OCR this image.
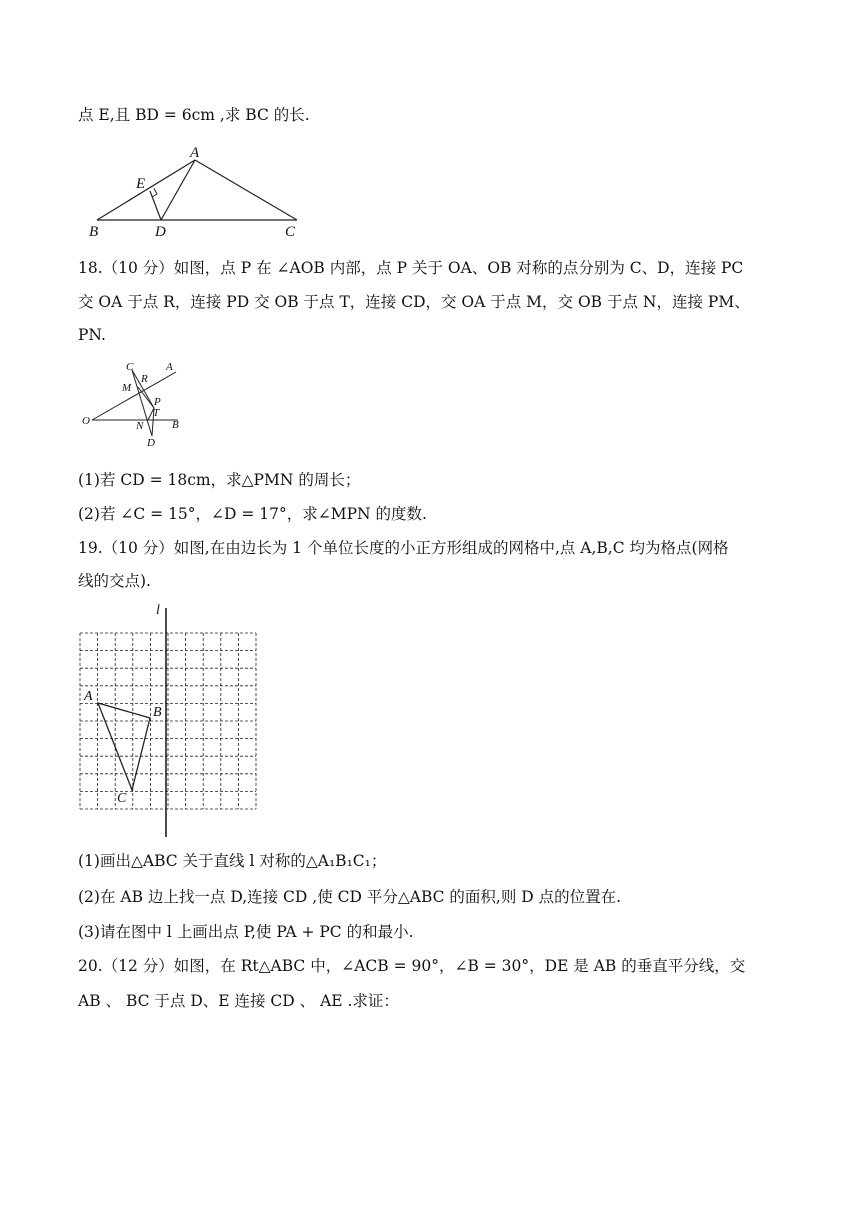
点 E,且 BD = 6cm ,求 BC 的长.

A
E
B	D	C

18.（10 分）如图，点 P 在 ∠AOB 内部，点 P 关于 OA、OB 对称的点分别为 C、D，连接 PC

交 OA 于点 R，连接 PD 交 OB 于点 T，连接 CD，交 OA 于点 M，交 OB 于点 N，连接 PM、

PN.

C	A
R
M
P
T
O	N	B
D

(1)若 CD = 18cm，求△PMN 的周长；

(2)若 ∠C = 15°，∠D = 17°，求∠MPN 的度数.

19.（10 分）如图,在由边长为 1 个单位长度的小正方形组成的网格中,点 A,B,C 均为格点(网格

线的交点).

l
A
B
C

(1)画出△ABC 关于直线 l 对称的△A₁B₁C₁；

(2)在 AB 边上找一点 D,连接 CD ,使 CD 平分△ABC 的面积,则 D 点的位置在.

(3)请在图中 l 上画出点 P,使 PA + PC 的和最小.

20.（12 分）如图，在 Rt△ABC 中，∠ACB = 90°，∠B = 30°，DE 是 AB 的垂直平分线，交

AB 、 BC 于点 D、E 连接 CD 、 AE .求证：
